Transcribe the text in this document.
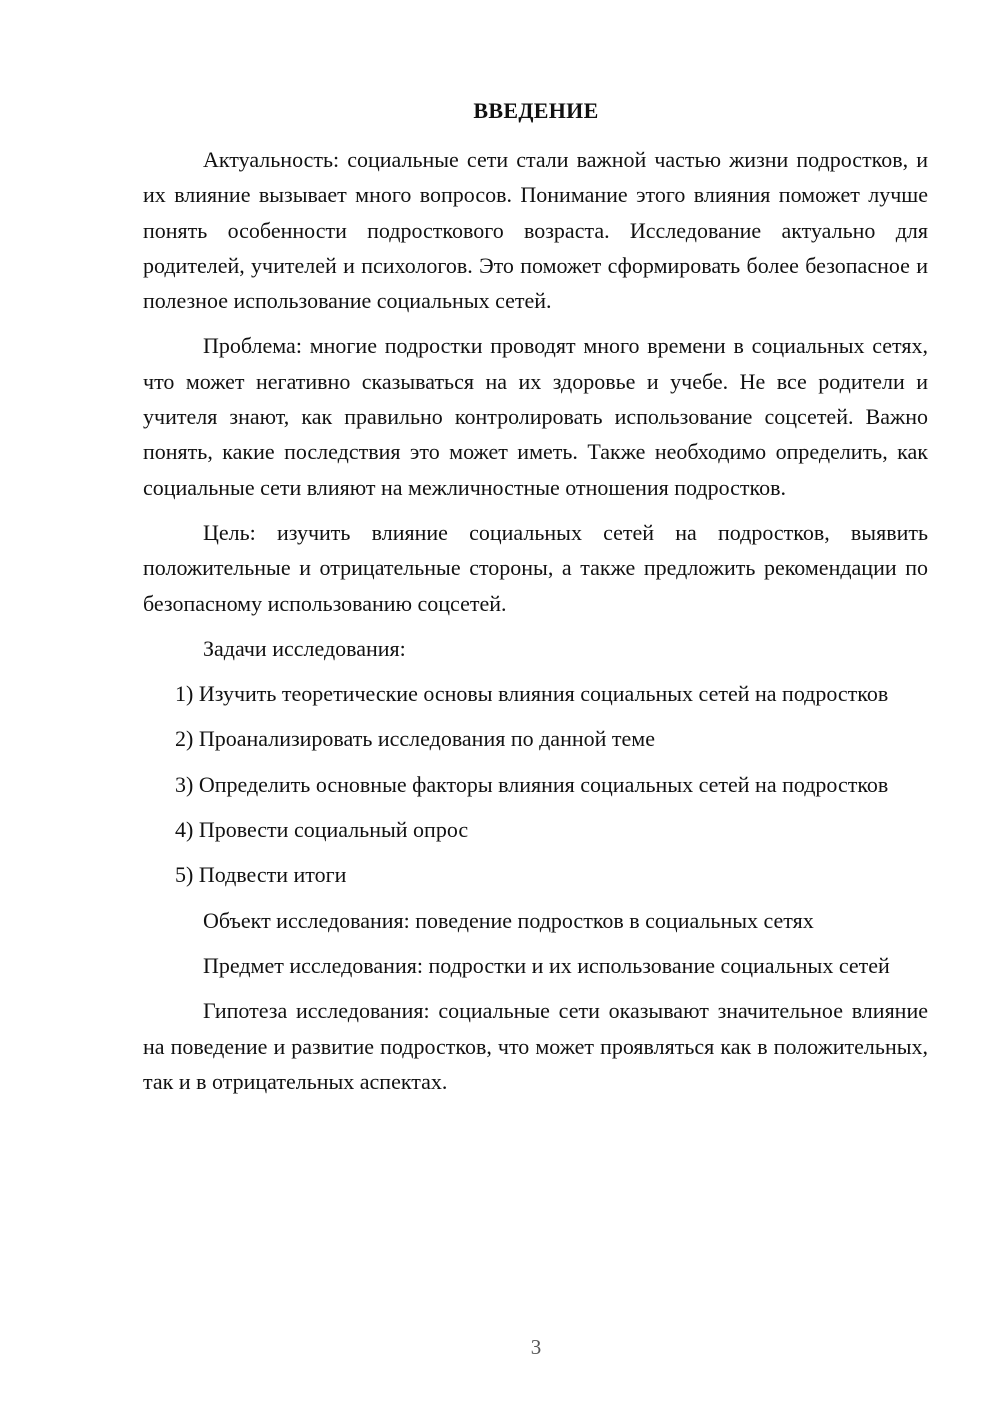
ВВЕДЕНИЕ

Актуальность: социальные сети стали важной частью жизни подростков, и их влияние вызывает много вопросов. Понимание этого влияния поможет лучше понять особенности подросткового возраста. Исследование актуально для родителей, учителей и психологов. Это поможет сформировать более безопасное и полезное использование социальных сетей.

Проблема: многие подростки проводят много времени в социальных сетях, что может негативно сказываться на их здоровье и учебе. Не все родители и учителя знают, как правильно контролировать использование соцсетей. Важно понять, какие последствия это может иметь. Также необходимо определить, как социальные сети влияют на межличностные отношения подростков.

Цель: изучить влияние социальных сетей на подростков, выявить положительные и отрицательные стороны, а также предложить рекомендации по безопасному использованию соцсетей.

Задачи исследования:

1) Изучить теоретические основы влияния социальных сетей на подростков

2) Проанализировать исследования по данной теме

3) Определить основные факторы влияния социальных сетей на подростков

4) Провести социальный опрос

5) Подвести итоги

Объект исследования: поведение подростков в социальных сетях

Предмет исследования: подростки и их использование социальных сетей

Гипотеза исследования: социальные сети оказывают значительное влияние на поведение и развитие подростков, что может проявляться как в положительных, так и в отрицательных аспектах.

3
